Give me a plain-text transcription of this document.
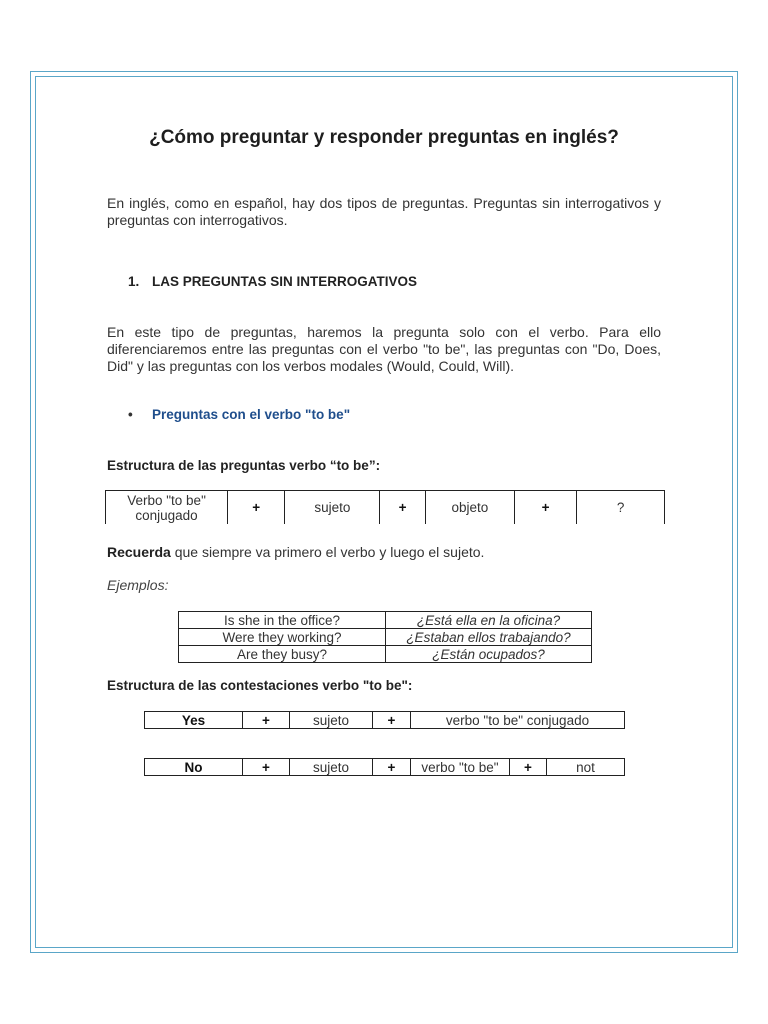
¿Cómo preguntar y responder preguntas en inglés?
En inglés, como en español, hay dos tipos de preguntas. Preguntas sin interrogativos y preguntas con interrogativos.
1. LAS PREGUNTAS SIN INTERROGATIVOS
En este tipo de preguntas, haremos la pregunta solo con el verbo. Para ello diferenciaremos entre las preguntas con el verbo "to be", las preguntas con "Do, Does, Did" y las preguntas con los verbos modales (Would, Could, Will).
• Preguntas con el verbo "to be"
Estructura de las preguntas verbo “to be”:
Verbo "to be" conjugado	+	sujeto	+	objeto	+	?
Recuerda que siempre va primero el verbo y luego el sujeto.
Ejemplos:
Is she in the office?	¿Está ella en la oficina?
Were they working?	¿Estaban ellos trabajando?
Are they busy?	¿Están ocupados?
Estructura de las contestaciones verbo "to be":
Yes	+	sujeto	+	verbo "to be" conjugado
No	+	sujeto	+	verbo "to be"	+	not
